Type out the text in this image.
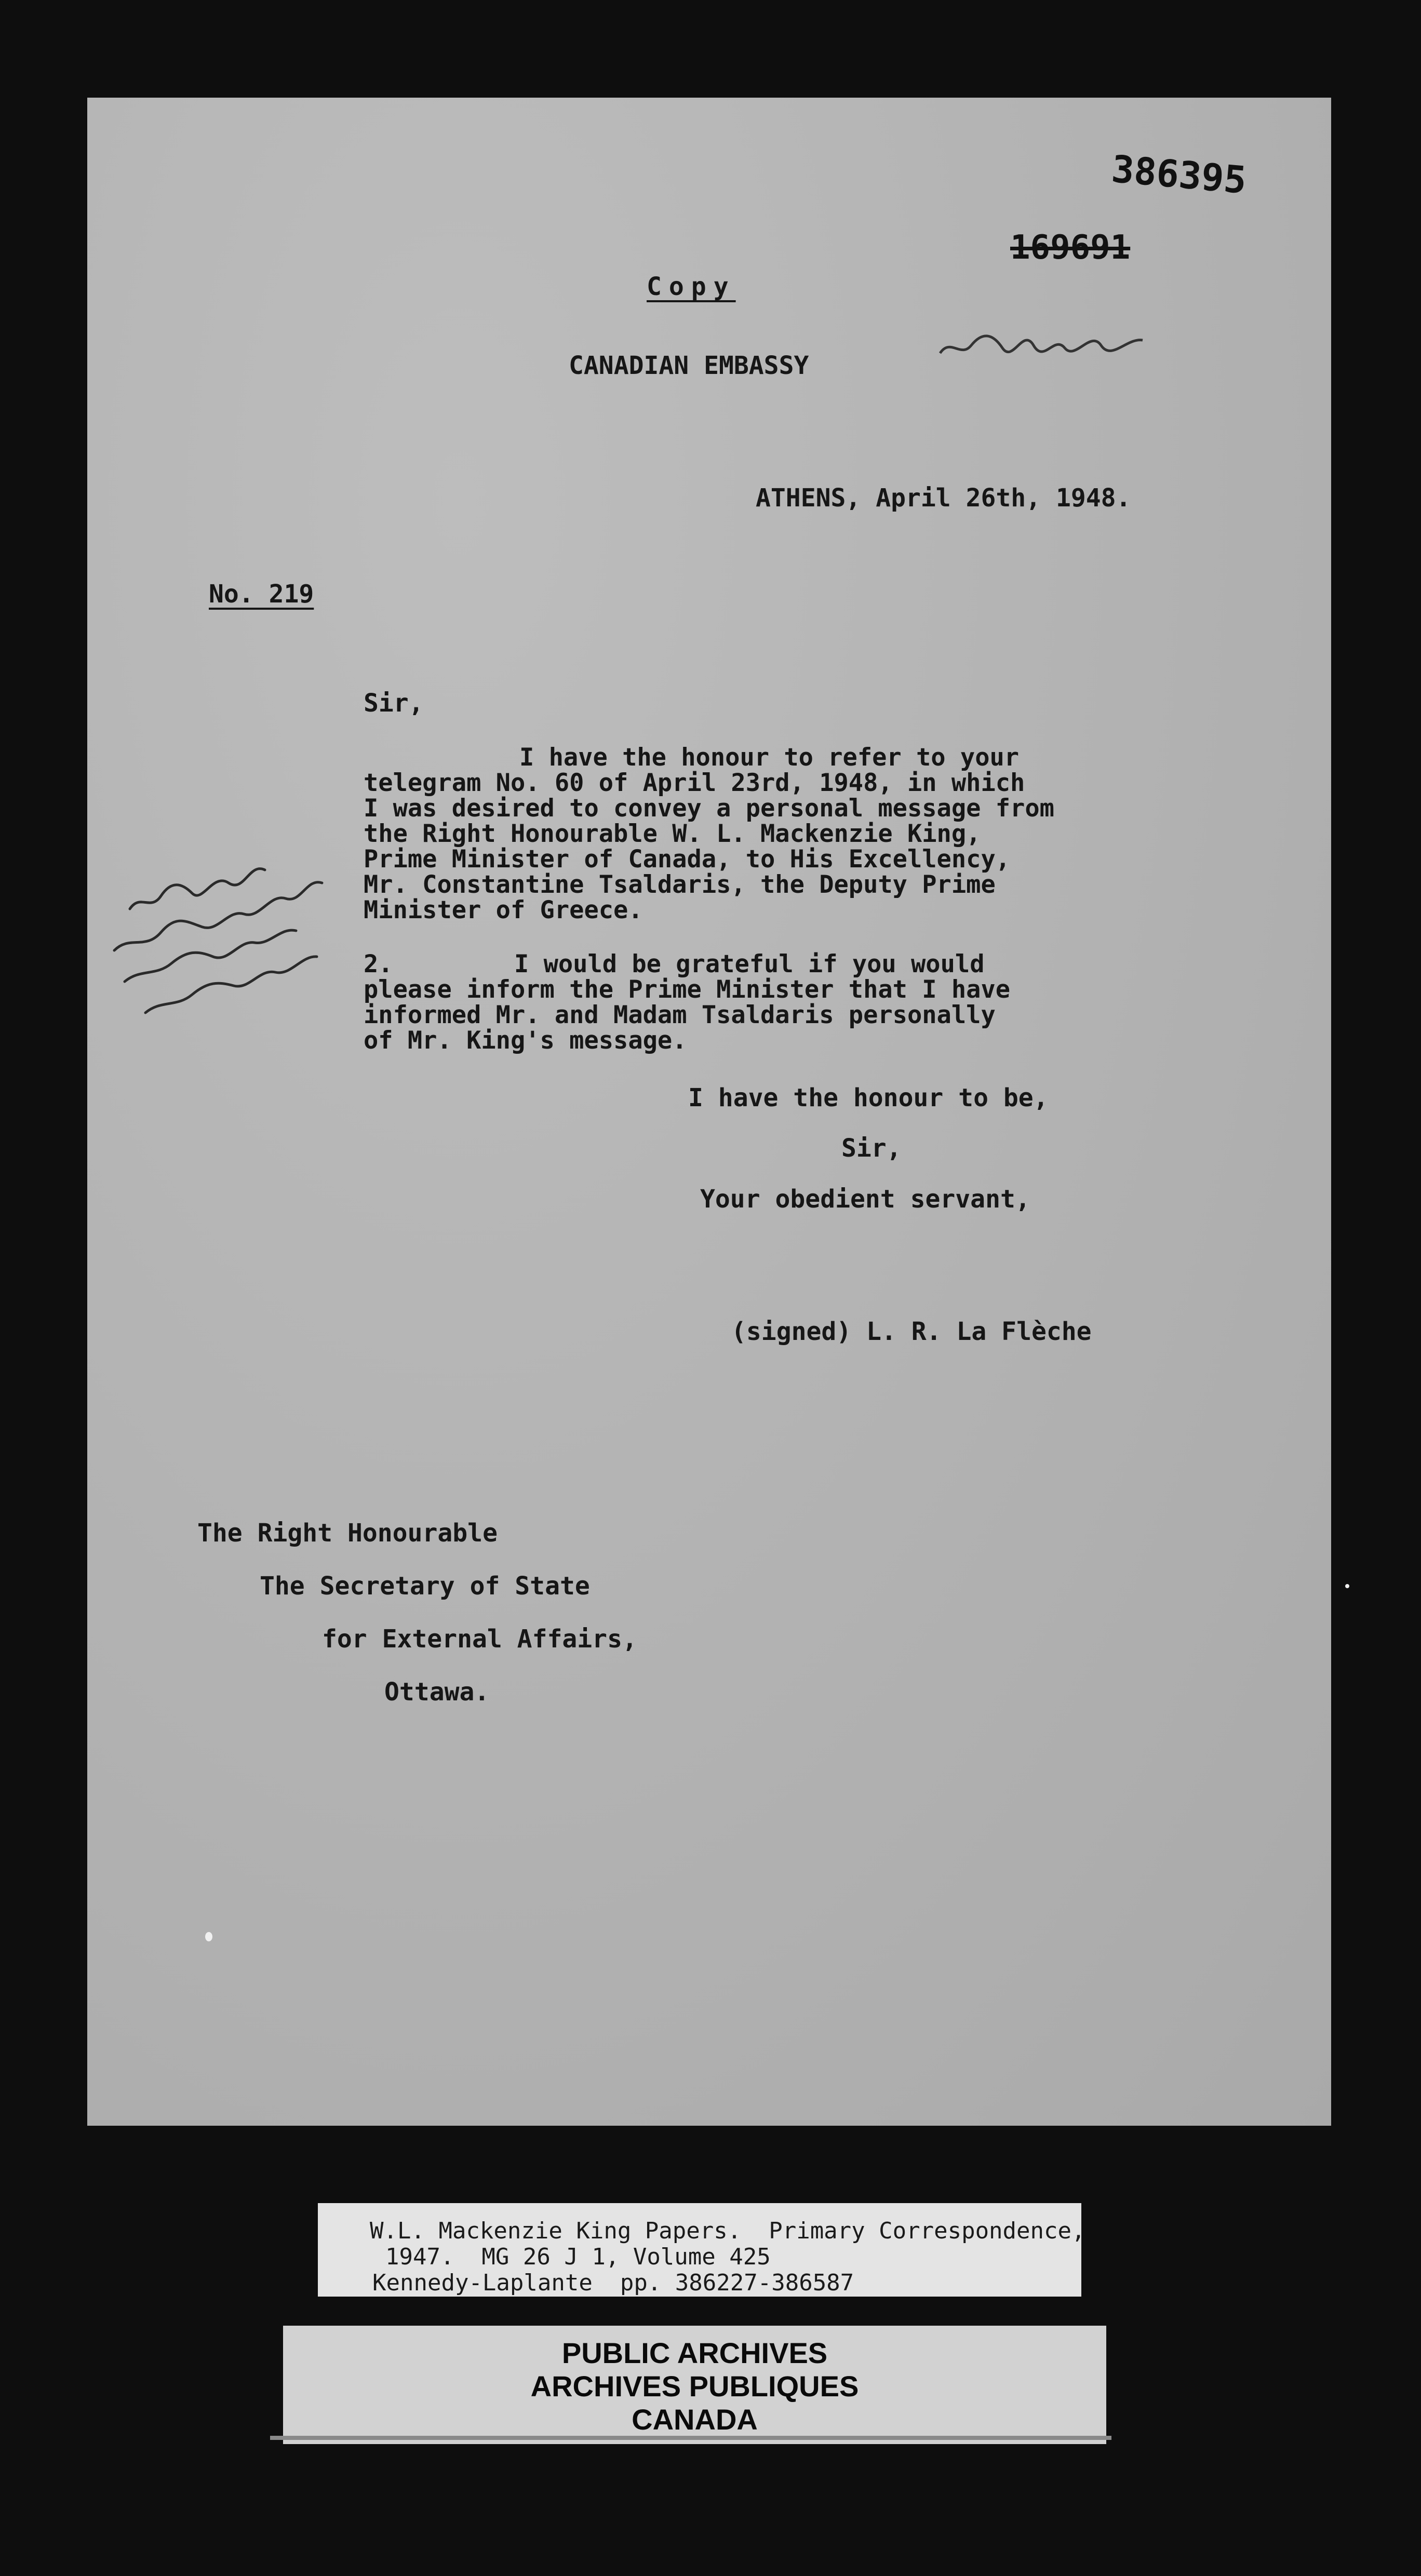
386395
169691
Copy
CANADIAN EMBASSY
ATHENS, April 26th, 1948.
No. 219
Sir,
I have the honour to refer to your
telegram No. 60 of April 23rd, 1948, in which
I was desired to convey a personal message from
the Right Honourable W. L. Mackenzie King,
Prime Minister of Canada, to His Excellency,
Mr. Constantine Tsaldaris, the Deputy Prime
Minister of Greece.
2.	I would be grateful if you would
please inform the Prime Minister that I have
informed Mr. and Madam Tsaldaris personally
of Mr. King's message.
I have the honour to be,
Sir,
Your obedient servant,
(signed) L. R. La Flèche
The Right Honourable
The Secretary of State
for External Affairs,
Ottawa.
W.L. Mackenzie King Papers.  Primary Correspondence,
1947.  MG 26 J 1, Volume 425
Kennedy-Laplante  pp. 386227-386587
PUBLIC ARCHIVES
ARCHIVES PUBLIQUES
CANADA
